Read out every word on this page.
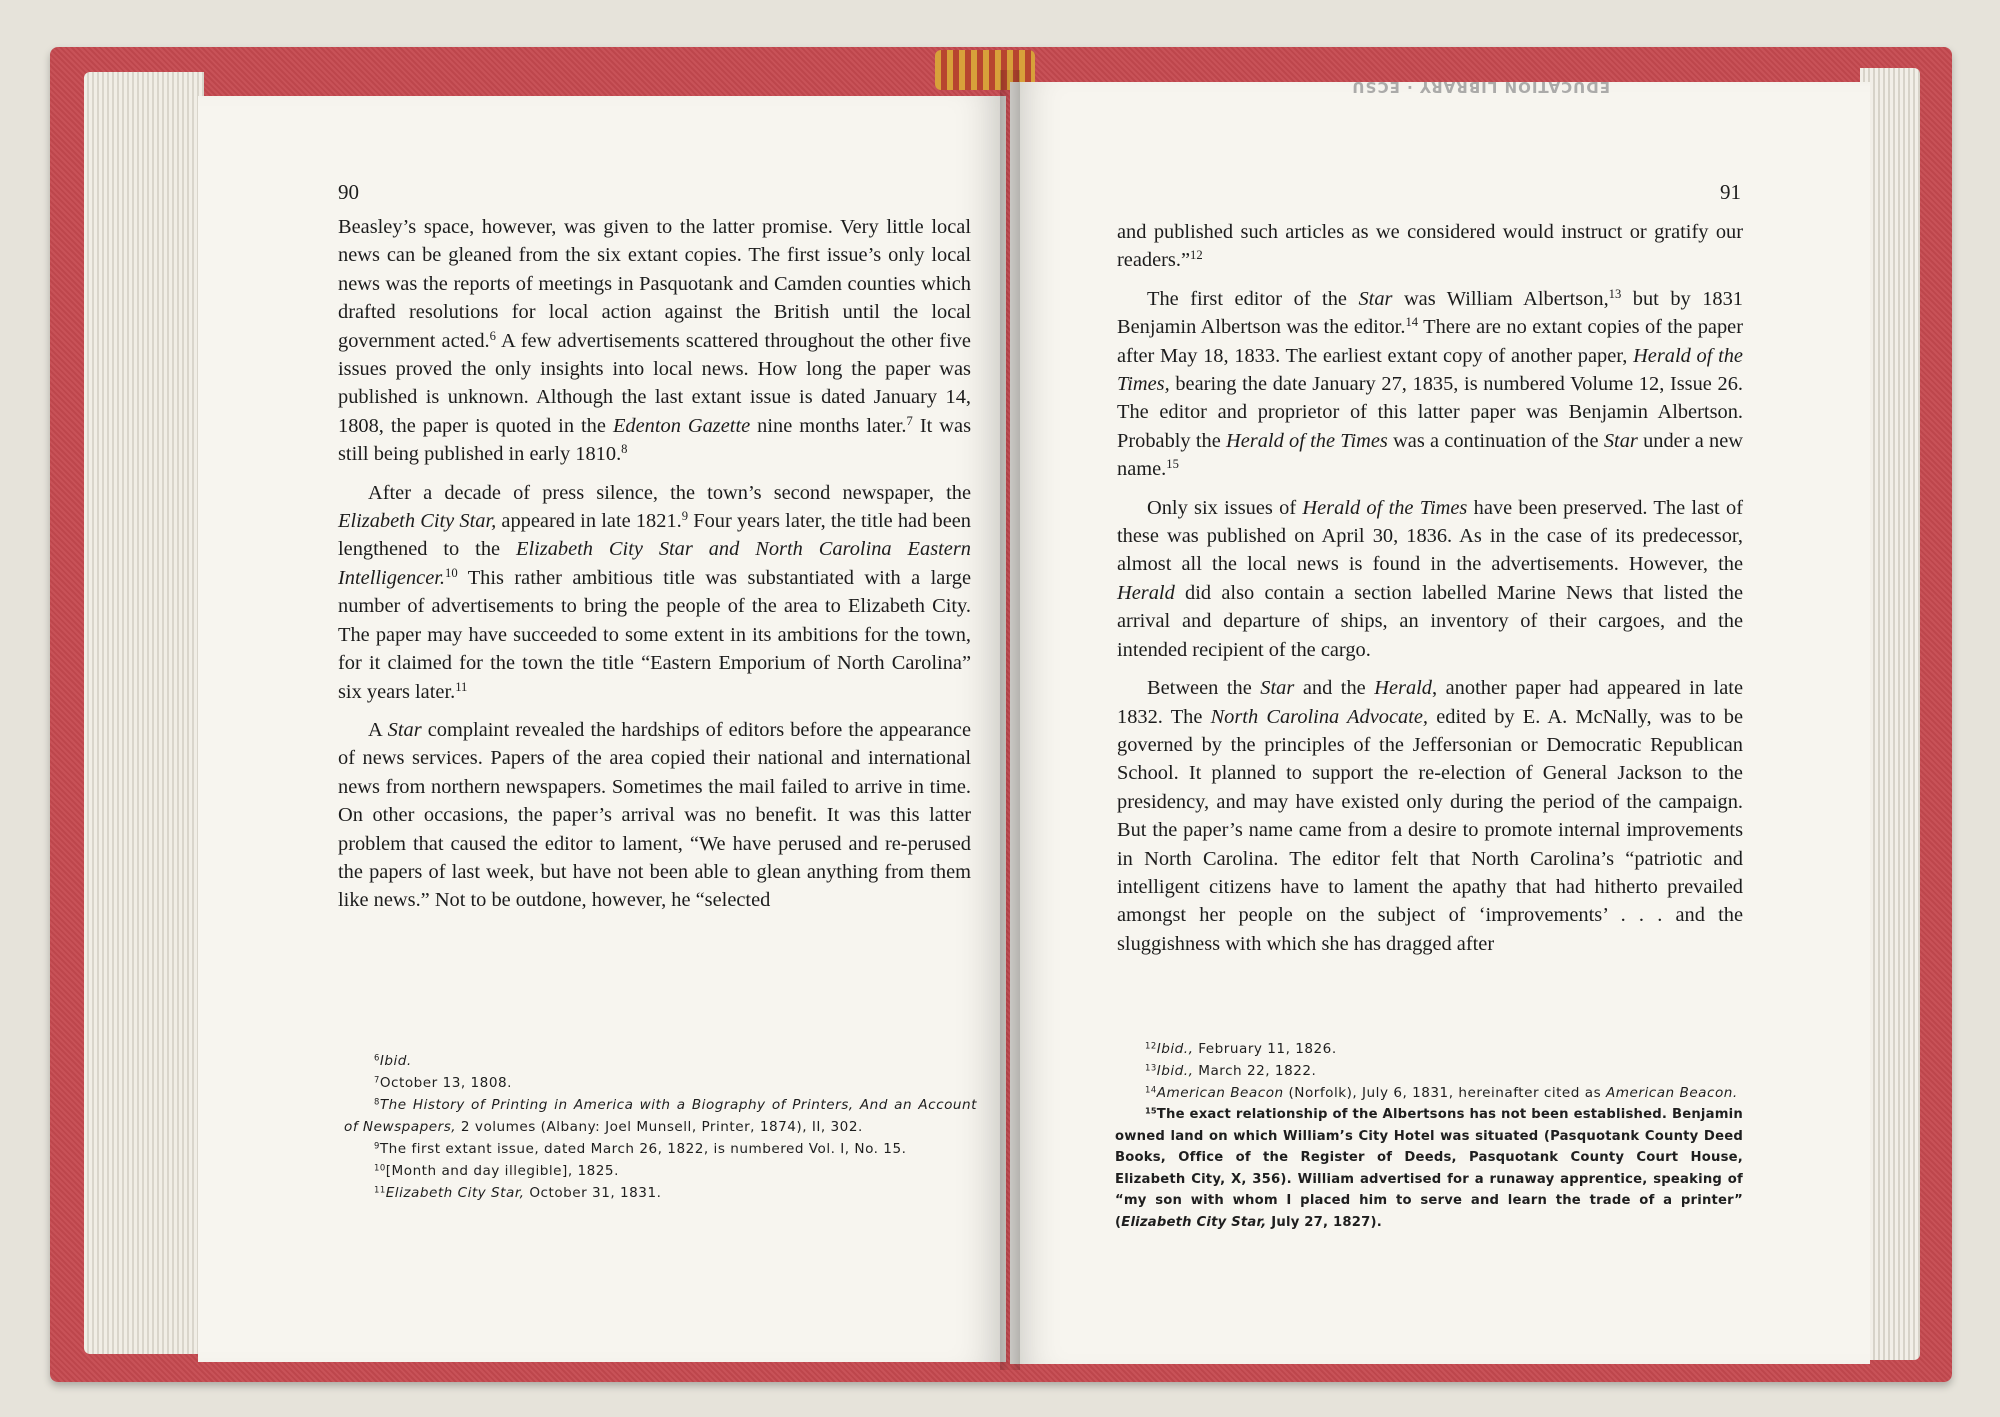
EDUCATION LIBRARY · ECSU
90	91

Beasley’s space, however, was given to the latter promise. Very little local news can be gleaned from the six extant copies. The first issue’s only local news was the reports of meetings in Pasquotank and Camden counties which drafted resolutions for local action against the British until the local government acted.$^6$ A few advertisements scattered throughout the other five issues proved the only insights into local news. How long the paper was published is unknown. Although the last extant issue is dated January 14, 1808, the paper is quoted in the Edenton Gazette nine months later.$^7$ It was still being published in early 1810.$^8$

After a decade of press silence, the town’s second newspaper, the Elizabeth City Star, appeared in late 1821.$^9$ Four years later, the title had been lengthened to the Elizabeth City Star and North Carolina Eastern Intelligencer.$^{10}$ This rather ambitious title was substantiated with a large number of advertisements to bring the people of the area to Elizabeth City. The paper may have succeeded to some extent in its ambitions for the town, for it claimed for the town the title “Eastern Emporium of North Carolina” six years later.$^{11}$

A Star complaint revealed the hardships of editors before the appearance of news services. Papers of the area copied their national and international news from northern newspapers. Sometimes the mail failed to arrive in time. On other occasions, the paper’s arrival was no benefit. It was this latter problem that caused the editor to lament, “We have perused and re-perused the papers of last week, but have not been able to glean anything from them like news.” Not to be outdone, however, he “selected

$^6$Ibid.

$^7$October 13, 1808.

$^8$The History of Printing in America with a Biography of Printers, And an Account of Newspapers, 2 volumes (Albany: Joel Munsell, Printer, 1874), II, 302.

$^9$The first extant issue, dated March 26, 1822, is numbered Vol. I, No. 15.

$^{10}$[Month and day illegible], 1825.

$^{11}$Elizabeth City Star, October 31, 1831.

and published such articles as we considered would instruct or gratify our readers.”$^{12}$

The first editor of the Star was William Albertson,$^{13}$ but by 1831 Benjamin Albertson was the editor.$^{14}$ There are no extant copies of the paper after May 18, 1833. The earliest extant copy of another paper, Herald of the Times, bearing the date January 27, 1835, is numbered Volume 12, Issue 26. The editor and proprietor of this latter paper was Benjamin Albertson. Probably the Herald of the Times was a continuation of the Star under a new name.$^{15}$

Only six issues of Herald of the Times have been preserved. The last of these was published on April 30, 1836. As in the case of its predecessor, almost all the local news is found in the advertisements. However, the Herald did also contain a section labelled Marine News that listed the arrival and departure of ships, an inventory of their cargoes, and the intended recipient of the cargo.

Between the Star and the Herald, another paper had appeared in late 1832. The North Carolina Advocate, edited by E. A. McNally, was to be governed by the principles of the Jeffersonian or Democratic Republican School. It planned to support the re-election of General Jackson to the presidency, and may have existed only during the period of the campaign. But the paper’s name came from a desire to promote internal improvements in North Carolina. The editor felt that North Carolina’s “patriotic and intelligent citizens have to lament the apathy that had hitherto prevailed amongst her people on the subject of ‘improvements’ . . . and the sluggishness with which she has dragged after

$^{12}$Ibid., February 11, 1826.

$^{13}$Ibid., March 22, 1822.

$^{14}$American Beacon (Norfolk), July 6, 1831, hereinafter cited as American Beacon.

$^{15}$The exact relationship of the Albertsons has not been established. Benjamin owned land on which William’s City Hotel was situated (Pasquotank County Deed Books, Office of the Register of Deeds, Pasquotank County Court House, Elizabeth City, X, 356). William advertised for a runaway apprentice, speaking of “my son with whom I placed him to serve and learn the trade of a printer” (Elizabeth City Star, July 27, 1827).
